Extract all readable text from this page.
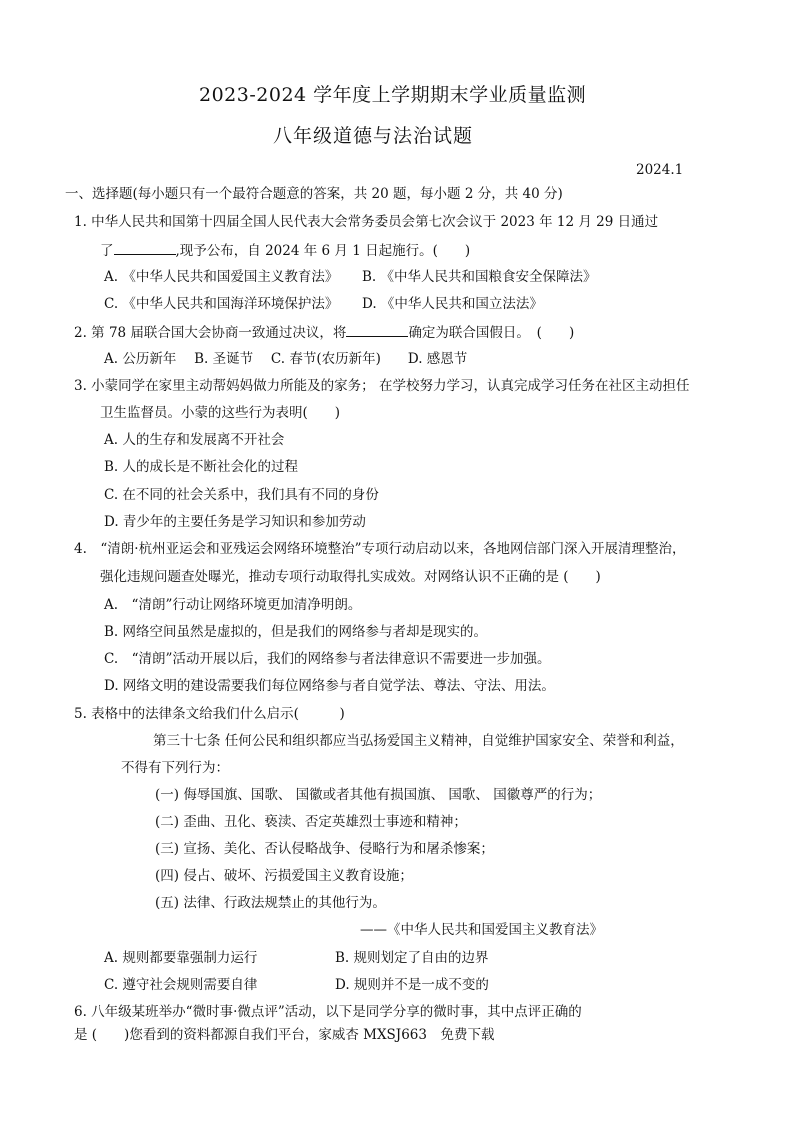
2023-2024 学年度上学期期末学业质量监测
八年级道德与法治试题
2024.1
一、选择题(每小题只有一个最符合题意的答案，共 20 题，每小题 2 分，共 40 分)
1. 中华人民共和国第十四届全国人民代表大会常务委员会第七次会议于 2023 年 12 月 29 日通过
了	,现予公布，自 2024 年 6 月 1 日起施行。(　　)
A. 《中华人民共和国爱国主义教育法》 B. 《中华人民共和国粮食安全保障法》
C. 《中华人民共和国海洋环境保护法》 D. 《中华人民共和国立法法》
2. 第 78 届联合国大会协商一致通过决议，将	确定为联合国假日。　(　　)
A. 公历新年　 B. 圣诞节　 C. 春节(农历新年)　　D. 感恩节
3. 小蒙同学在家里主动帮妈妈做力所能及的家务； 在学校努力学习，认真完成学习任务在社区主动担任
卫生监督员。小蒙的这些行为表明(　　)
A. 人的生存和发展离不开社会
B. 人的成长是不断社会化的过程
C. 在不同的社会关系中，我们具有不同的身份
D. 青少年的主要任务是学习知识和参加劳动
4.　“清朗·杭州亚运会和亚残运会网络环境整治”专项行动启动以来，各地网信部门深入开展清理整治，
强化违规问题查处曝光，推动专项行动取得扎实成效。对网络认识不正确的是 (　　)
A.　“清朗”行动让网络环境更加清净明朗。
B. 网络空间虽然是虚拟的，但是我们的网络参与者却是现实的。
C.　“清朗”活动开展以后，我们的网络参与者法律意识不需要进一步加强。
D. 网络文明的建设需要我们每位网络参与者自觉学法、尊法、守法、用法。
5. 表格中的法律条文给我们什么启示(　　　)
第三十七条 任何公民和组织都应当弘扬爱国主义精神，自觉维护国家安全、荣誉和利益，
不得有下列行为：
(一) 侮辱国旗、国歌、 国徽或者其他有损国旗、 国歌、 国徽尊严的行为；
(二) 歪曲、丑化、亵渎、否定英雄烈士事迹和精神；
(三) 宣扬、美化、否认侵略战争、侵略行为和屠杀惨案；
(四) 侵占、破坏、污损爱国主义教育设施；
(五) 法律、行政法规禁止的其他行为。
——《中华人民共和国爱国主义教育法》
A. 规则都要靠强制力运行	B. 规则划定了自由的边界
C. 遵守社会规则需要自律	D. 规则并不是一成不变的
6. 八年级某班举办“微时事·微点评”活动，以下是同学分享的微时事，其中点评正确的
是 (　　)您看到的资料都源自我们平台，家威杏 MXSJ663　免费下载
